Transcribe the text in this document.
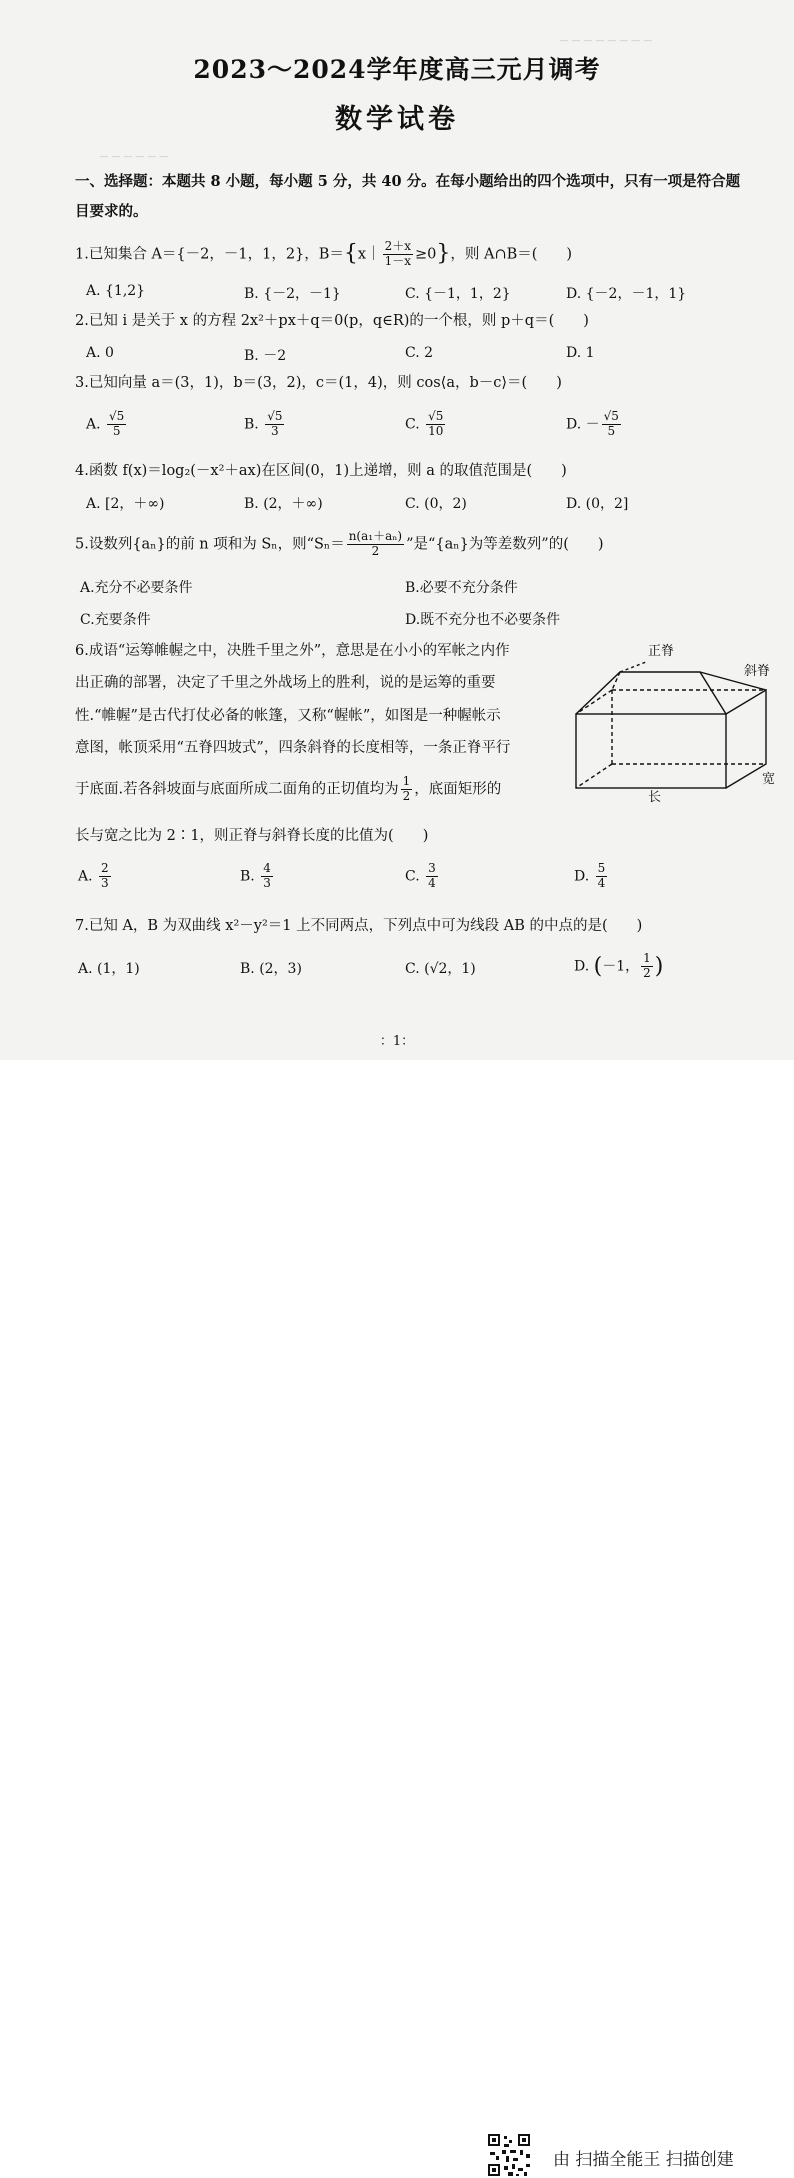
─ ─ ─ ─ ─ ─ ─ ─
─ ─ ─ ─ ─ ─
2023～2024学年度高三元月调考
数学试卷
一、选择题：本题共 8 小题，每小题 5 分，共 40 分。在每小题给出的四个选项中，只有一项是符合题
目要求的。
1.已知集合 A＝{－2，－1，1，2}，B＝{x｜ $\frac{2+x}{1-x} \ge 0$}，则 A∩B＝(　　)
A. {1,2}	B. {－2，－1}	C. {－1，1，2}	D. {－2，－1，1}
2.已知 i 是关于 x 的方程 2x²＋px＋q＝0(p，q∈R)的一个根，则 p＋q＝(　　)
A. 0	B. －2	C. 2	D. 1
3.已知向量 a＝(3，1)，b＝(3，2)，c＝(1，4)，则 cos⟨a，b－c⟩＝(　　)
A. $\frac{√5}{5}$	B. $\frac{√5}{3}$	C. $\frac{√5}{10}$	D. － $\frac{√5}{5}$
4.函数 f(x)＝log₂(－x²＋ax)在区间(0，1)上递增，则 a 的取值范围是(　　)
A. [2，＋∞)	B. (2，＋∞)	C. (0，2)	D. (0，2]
5.设数列{aₙ}的前 n 项和为 Sₙ，则“$S_n= \frac{\text{n(a₁＋aₙ)}}{2}$ ”是“{aₙ}为等差数列”的(　　)
A.充分不必要条件	B.必要不充分条件
C.充要条件	D.既不充分也不必要条件
6.成语“运筹帷幄之中，决胜千里之外”，意思是在小小的军帐之内作
出正确的部署，决定了千里之外战场上的胜利，说的是运筹的重要
性.“帷幄”是古代打仗必备的帐篷，又称“幄帐”，如图是一种幄帐示
意图，帐顶采用“五脊四坡式”，四条斜脊的长度相等，一条正脊平行
于底面.若各斜坡面与底面所成二面角的正切值均为 $\frac{1}{2}$ ，底面矩形的
长与宽之比为 2∶1，则正脊与斜脊长度的比值为(　　)
正脊
斜脊
宽
长
A. $\frac{2}{3}$	B. $\frac{4}{3}$	C. $\frac{3}{4}$	D. $\frac{5}{4}$
7.已知 A，B 为双曲线 x²－y²＝1 上不同两点，下列点中可为线段 AB 的中点的是(　　)
A. (1，1)	B. (2，3)	C. (√2，1)	D. (－1， $\frac{1}{2}$ )
：1：
由 扫描全能王 扫描创建
